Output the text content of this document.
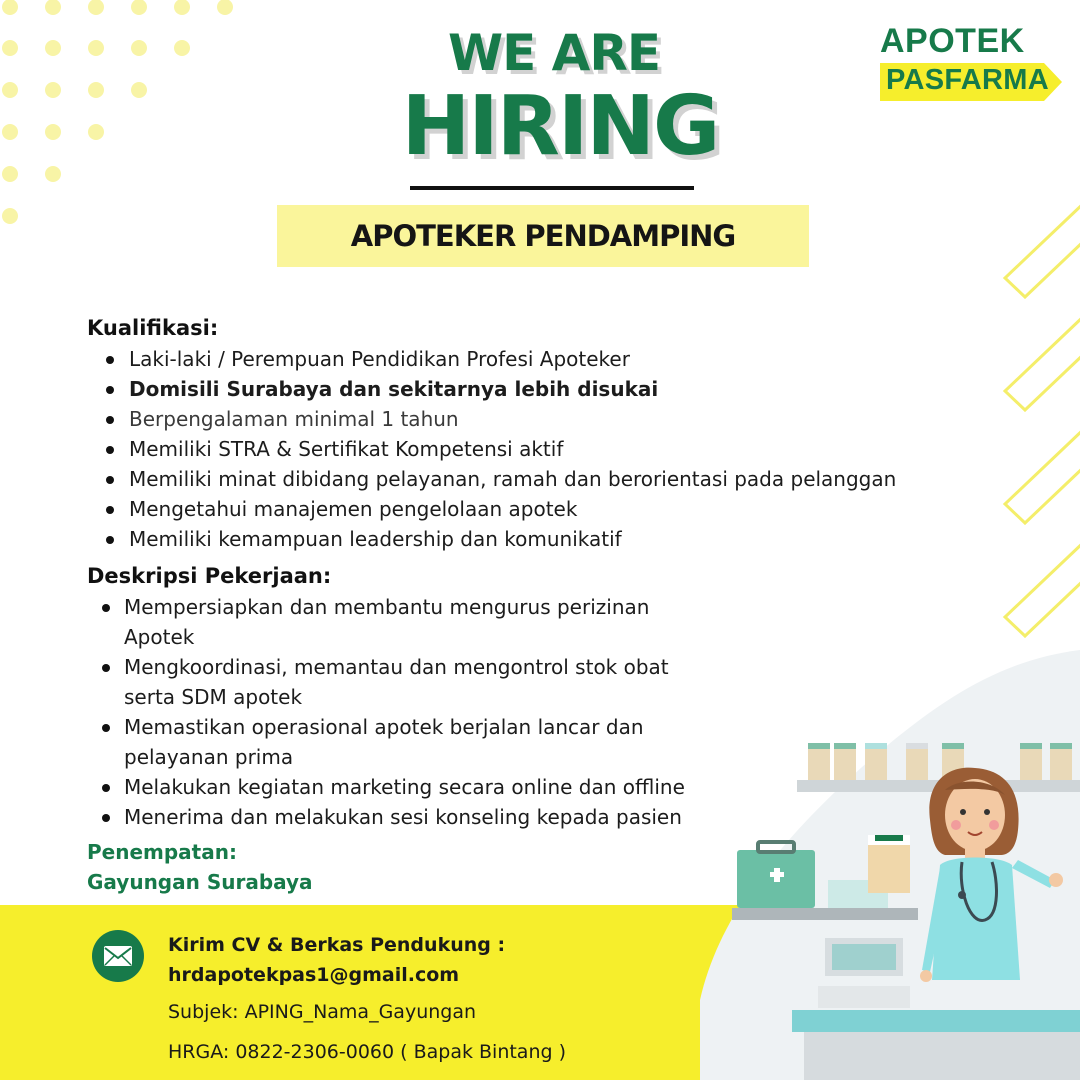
WE ARE
HIRING
APOTEKER PENDAMPING
APOTEK
PASFARMA
Kualifikasi:
Laki-laki / Perempuan Pendidikan Profesi Apoteker
Domisili Surabaya dan sekitarnya lebih disukai
Berpengalaman minimal 1 tahun
Memiliki STRA & Sertifikat Kompetensi aktif
Memiliki minat dibidang pelayanan, ramah dan berorientasi pada pelanggan
Mengetahui manajemen pengelolaan apotek
Memiliki kemampuan leadership dan komunikatif
Deskripsi Pekerjaan:
Mempersiapkan dan membantu mengurus perizinan
Apotek
Mengkoordinasi, memantau dan mengontrol stok obat
serta SDM apotek
Memastikan operasional apotek berjalan lancar dan
pelayanan prima
Melakukan kegiatan marketing secara online dan offline
Menerima dan melakukan sesi konseling kepada pasien
Penempatan:
Gayungan Surabaya
Kirim CV & Berkas Pendukung :
hrdapotekpas1@gmail.com
Subjek: APING_Nama_Gayungan
HRGA: 0822-2306-0060 ( Bapak Bintang )
